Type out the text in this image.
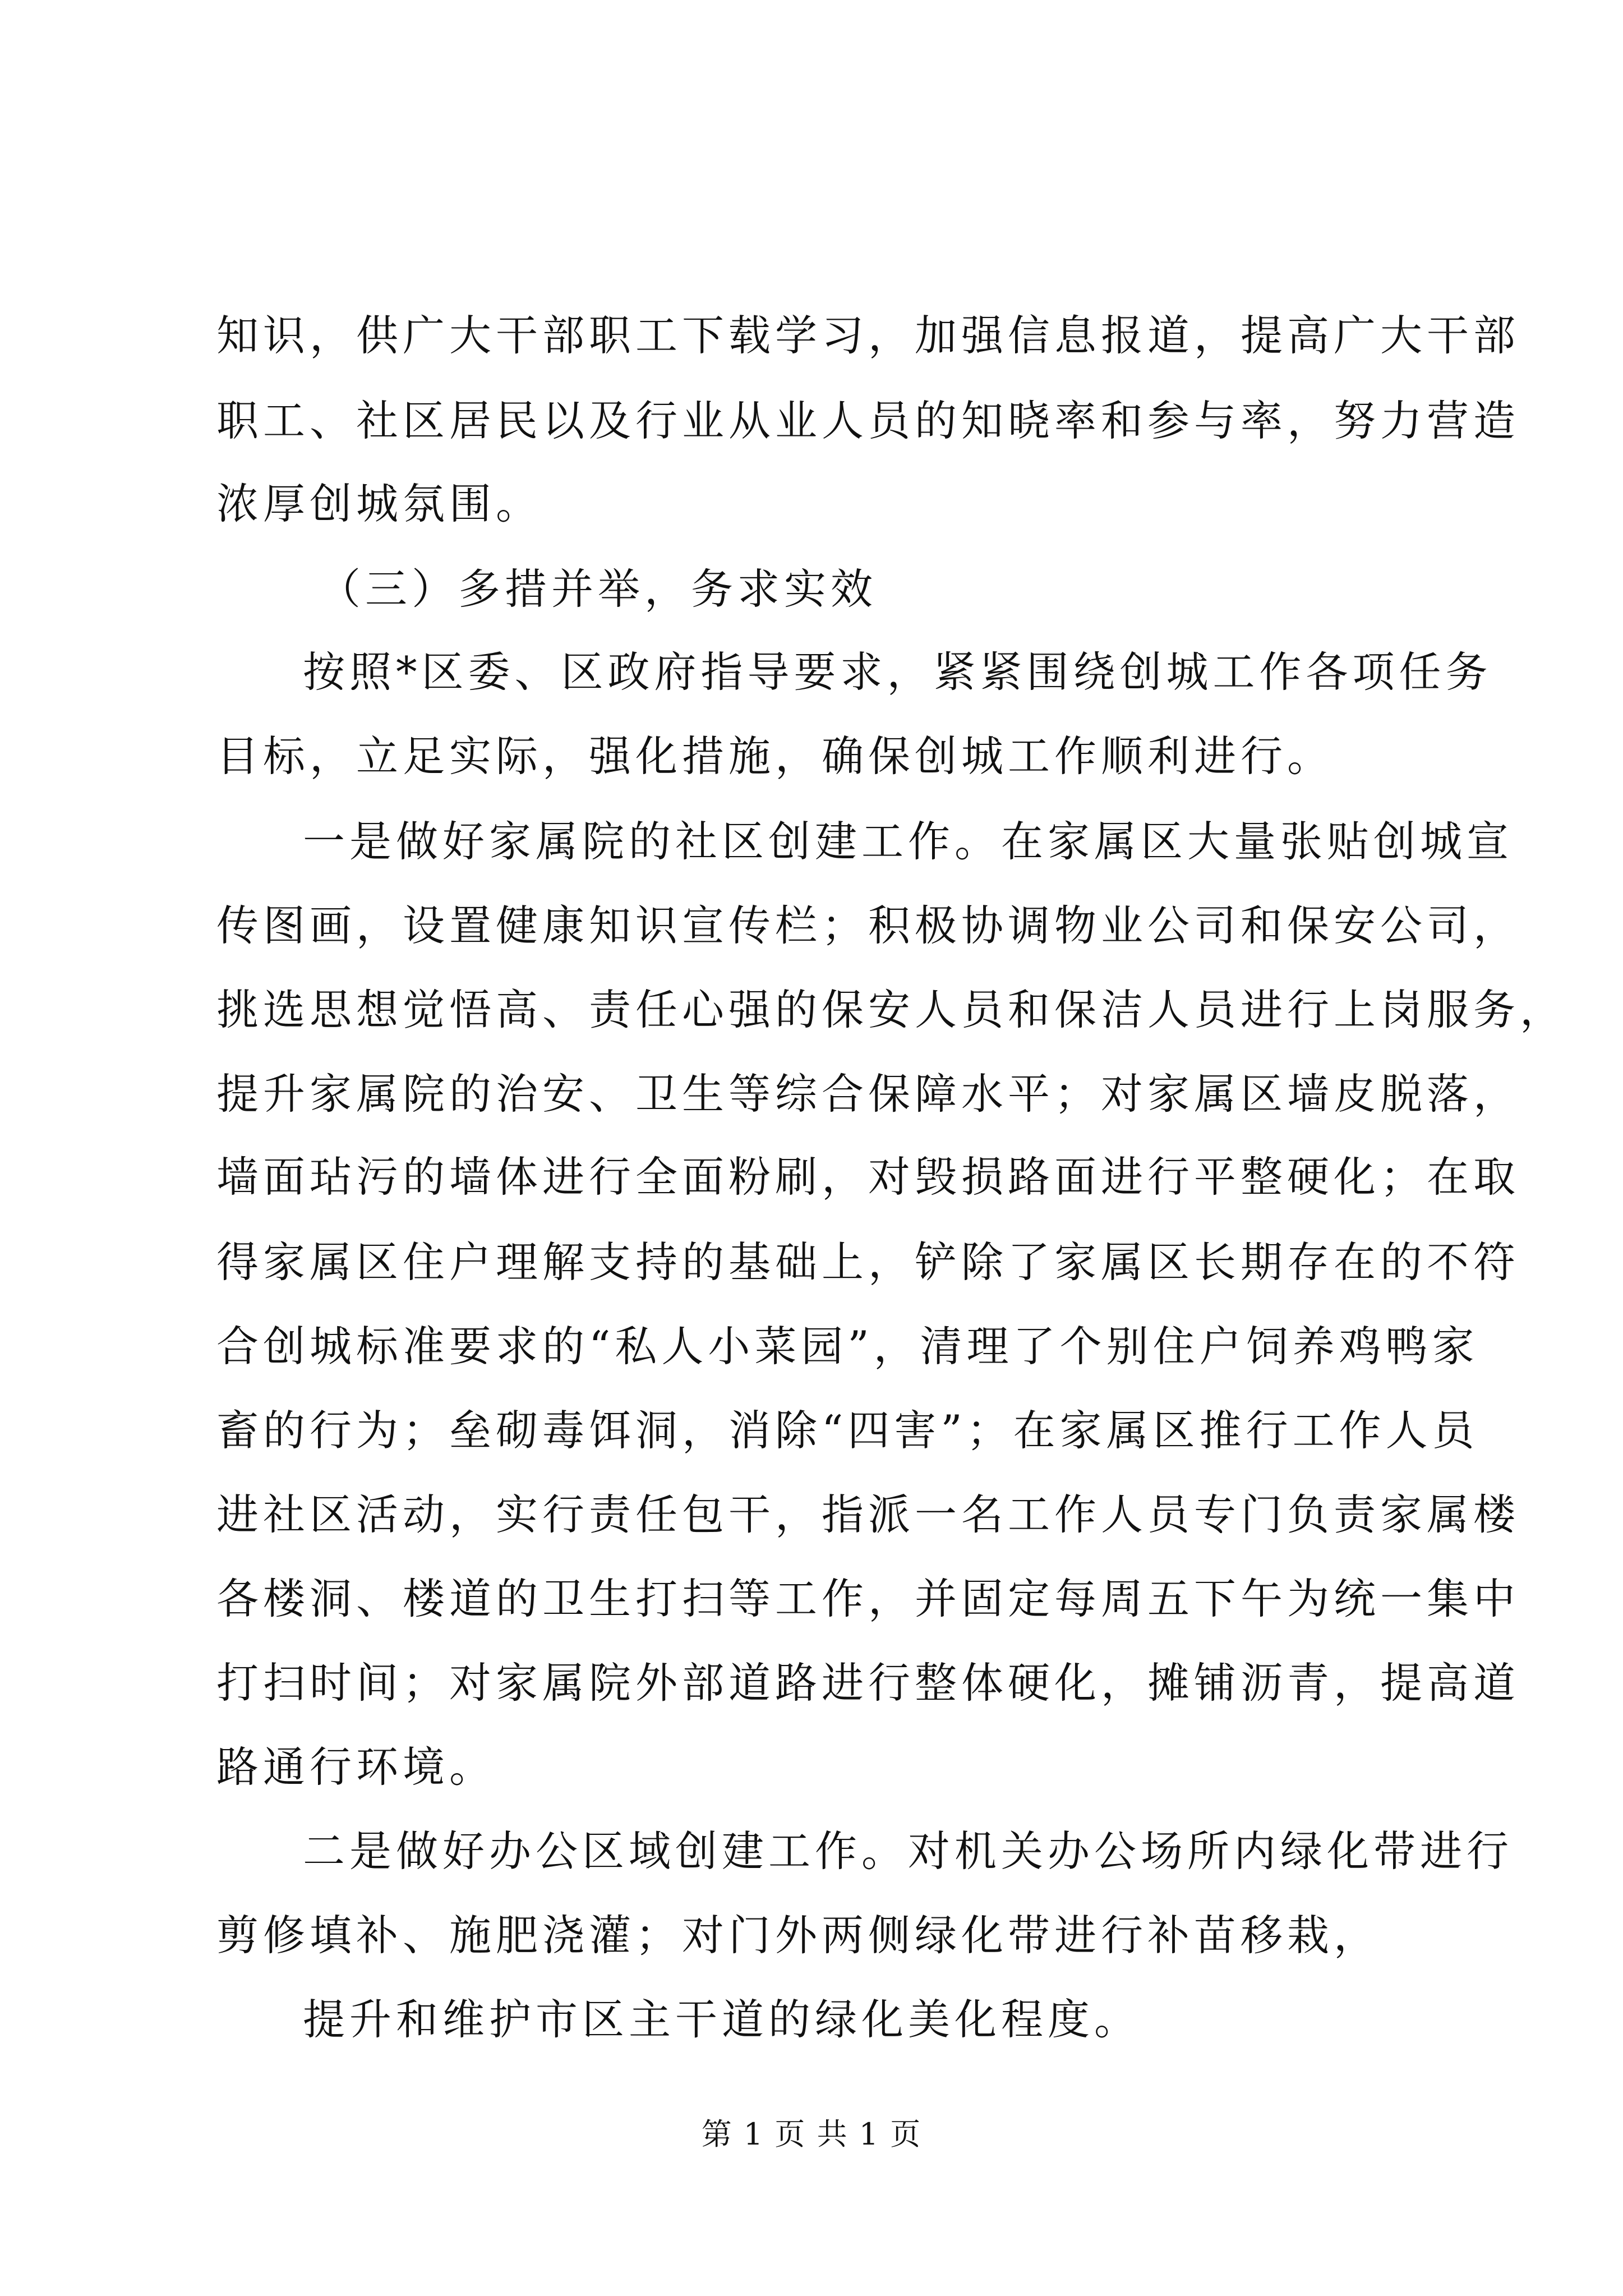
知识，供广大干部职工下载学习，加强信息报道，提高广大干部
职工、社区居民以及行业从业人员的知晓率和参与率，努力营造
浓厚创城氛围。
（三）多措并举，务求实效
按照*区委、区政府指导要求，紧紧围绕创城工作各项任务
目标，立足实际，强化措施，确保创城工作顺利进行。
一是做好家属院的社区创建工作。在家属区大量张贴创城宣
传图画，设置健康知识宣传栏；积极协调物业公司和保安公司，
挑选思想觉悟高、责任心强的保安人员和保洁人员进行上岗服务，
提升家属院的治安、卫生等综合保障水平；对家属区墙皮脱落，
墙面玷污的墙体进行全面粉刷，对毁损路面进行平整硬化；在取
得家属区住户理解支持的基础上，铲除了家属区长期存在的不符
合创城标准要求的“私人小菜园”，清理了个别住户饲养鸡鸭家
畜的行为；垒砌毒饵洞，消除“四害”；在家属区推行工作人员
进社区活动，实行责任包干，指派一名工作人员专门负责家属楼
各楼洞、楼道的卫生打扫等工作，并固定每周五下午为统一集中
打扫时间；对家属院外部道路进行整体硬化，摊铺沥青，提高道
路通行环境。
二是做好办公区域创建工作。对机关办公场所内绿化带进行
剪修填补、施肥浇灌；对门外两侧绿化带进行补苗移栽，
提升和维护市区主干道的绿化美化程度。
第 1 页 共 1 页
